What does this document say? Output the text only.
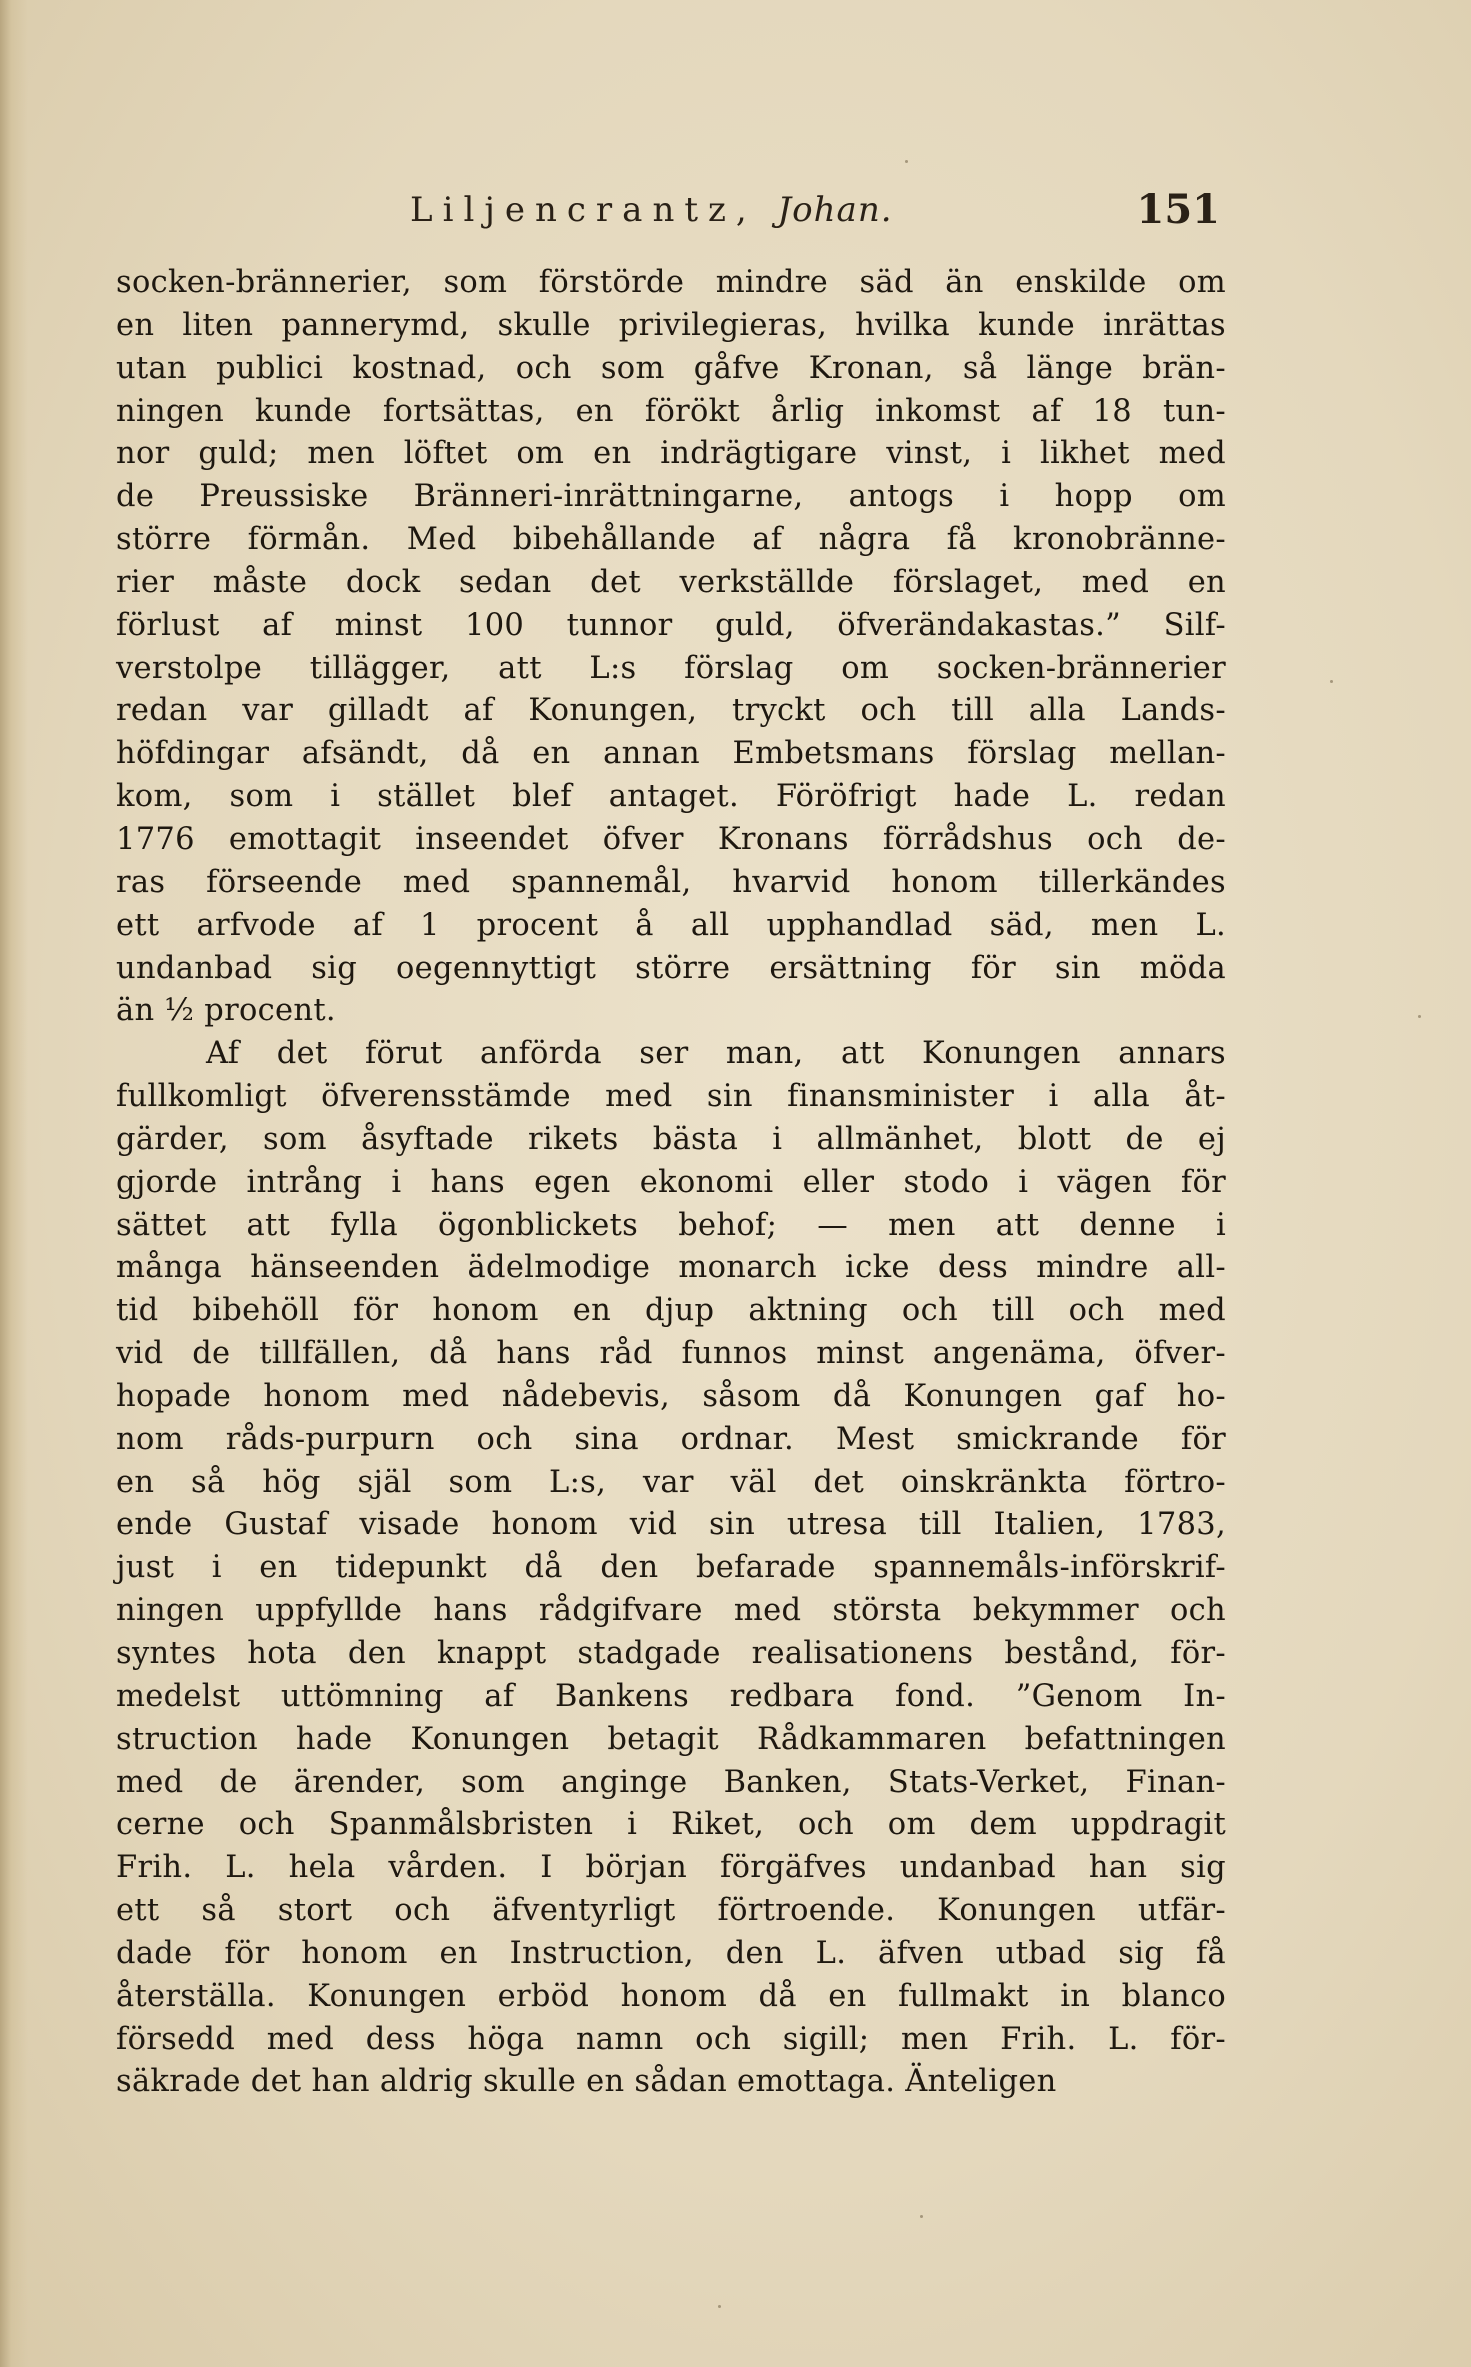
Liljencrantz, Johan.	151
socken-brännerier, som förstörde mindre säd än enskilde om
en liten pannerymd, skulle privilegieras, hvilka kunde inrättas
utan publici kostnad, och som gåfve Kronan, så länge brän-
ningen kunde fortsättas, en förökt årlig inkomst af 18 tun-
nor guld; men löftet om en indrägtigare vinst, i likhet med
de Preussiske Bränneri-inrättningarne, antogs i hopp om
större förmån. Med bibehållande af några få kronobränne-
rier måste dock sedan det verkställde förslaget, med en
förlust af minst 100 tunnor guld, öfverändakastas.” Silf-
verstolpe tillägger, att L:s förslag om socken-brännerier
redan var gilladt af Konungen, tryckt och till alla Lands-
höfdingar afsändt, då en annan Embetsmans förslag mellan-
kom, som i stället blef antaget. Föröfrigt hade L. redan
1776 emottagit inseendet öfver Kronans förrådshus och de-
ras förseende med spannemål, hvarvid honom tillerkändes
ett arfvode af 1 procent å all upphandlad säd, men L.
undanbad sig oegennyttigt större ersättning för sin möda
än ½ procent.
Af det förut anförda ser man, att Konungen annars
fullkomligt öfverensstämde med sin finansminister i alla åt-
gärder, som åsyftade rikets bästa i allmänhet, blott de ej
gjorde intrång i hans egen ekonomi eller stodo i vägen för
sättet att fylla ögonblickets behof; — men att denne i
många hänseenden ädelmodige monarch icke dess mindre all-
tid bibehöll för honom en djup aktning och till och med
vid de tillfällen, då hans råd funnos minst angenäma, öfver-
hopade honom med nådebevis, såsom då Konungen gaf ho-
nom råds-purpurn och sina ordnar. Mest smickrande för
en så hög själ som L:s, var väl det oinskränkta förtro-
ende Gustaf visade honom vid sin utresa till Italien, 1783,
just i en tidepunkt då den befarade spannemåls-införskrif-
ningen uppfyllde hans rådgifvare med största bekymmer och
syntes hota den knappt stadgade realisationens bestånd, för-
medelst uttömning af Bankens redbara fond. ”Genom In-
struction hade Konungen betagit Rådkammaren befattningen
med de ärender, som anginge Banken, Stats-Verket, Finan-
cerne och Spanmålsbristen i Riket, och om dem uppdragit
Frih. L. hela vården. I början förgäfves undanbad han sig
ett så stort och äfventyrligt förtroende. Konungen utfär-
dade för honom en Instruction, den L. äfven utbad sig få
återställa. Konungen erböd honom då en fullmakt in blanco
försedd med dess höga namn och sigill; men Frih. L. för-
säkrade det han aldrig skulle en sådan emottaga. Änteligen
